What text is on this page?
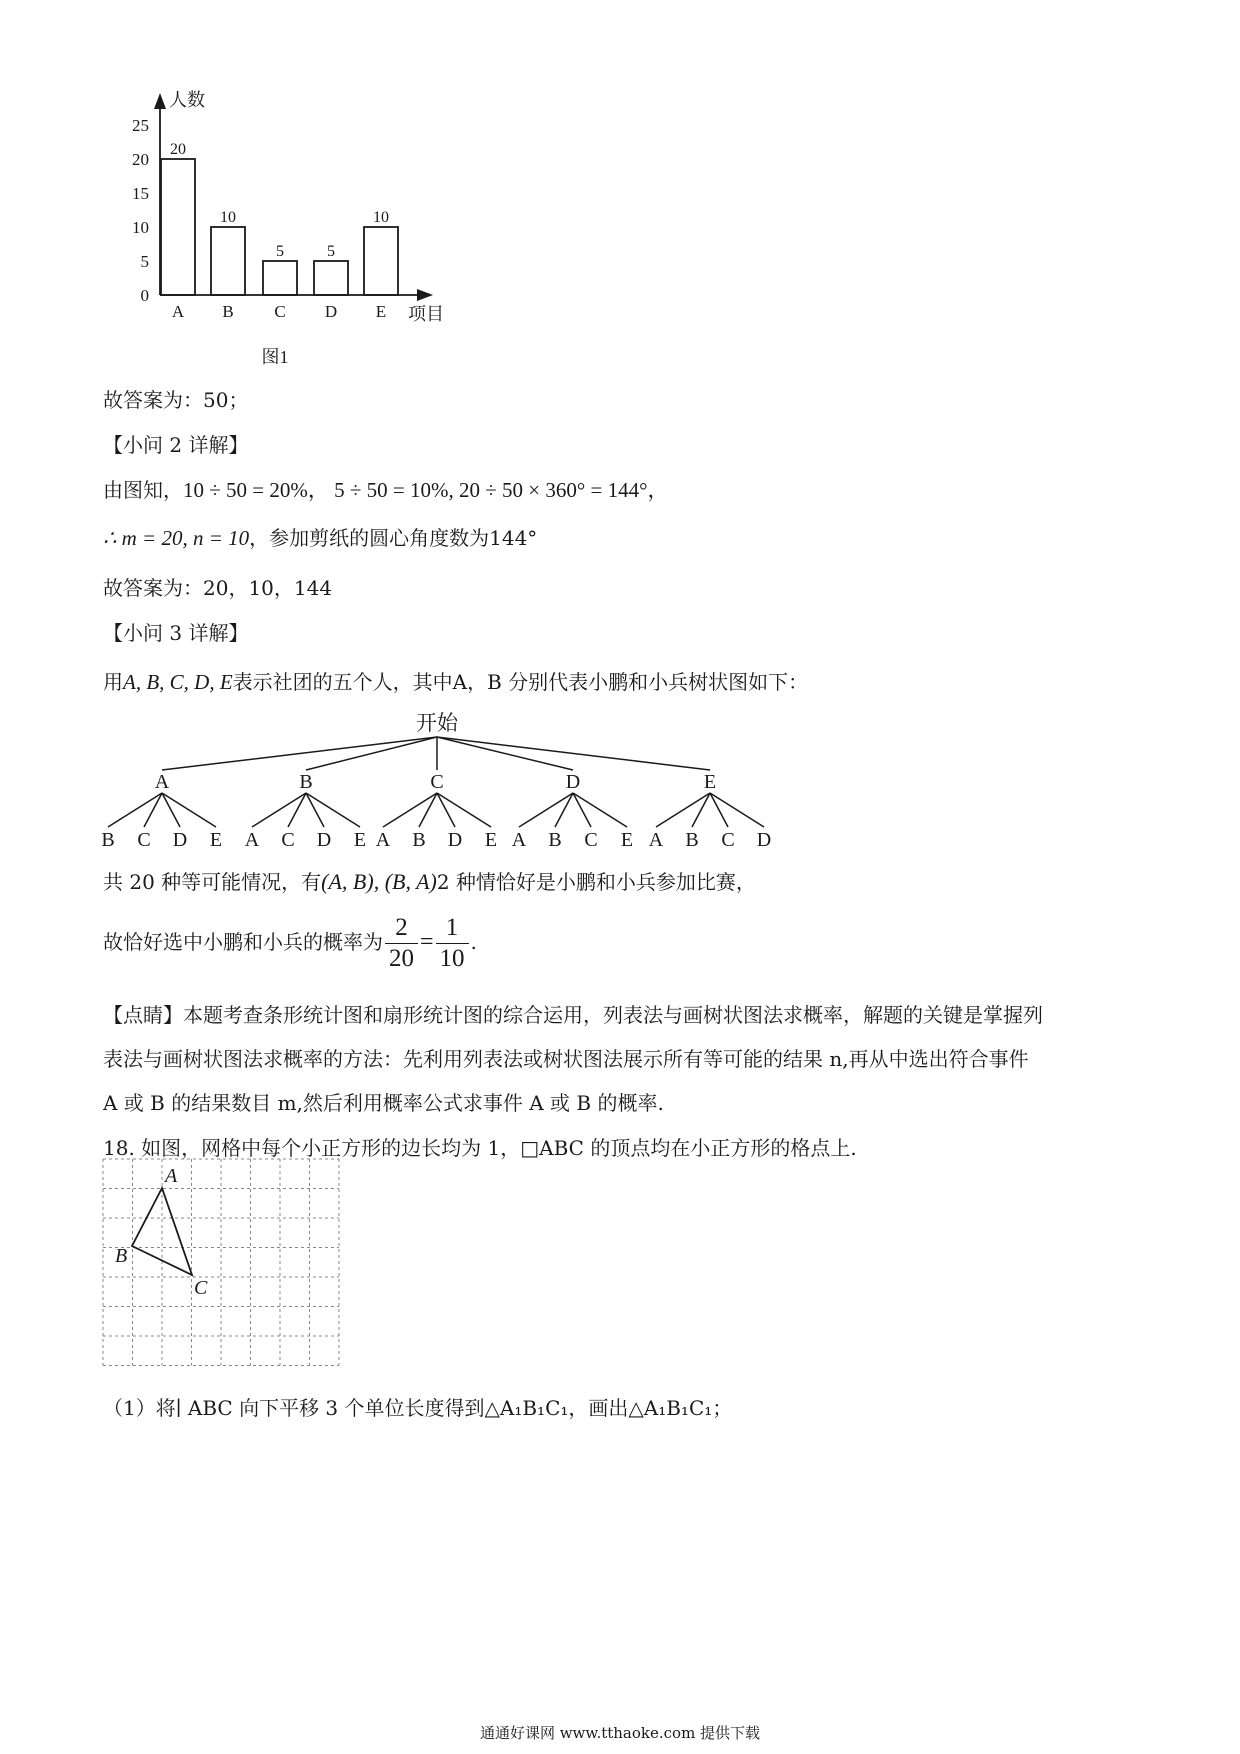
人数
项目
0
5
10
15
20
25
20
A
10
B
5
C
5
D
10
E
图1
故答案为：50；
【小问 2 详解】
由图知，10 ÷ 50 = 20%， 5 ÷ 50 = 10%, 20 ÷ 50 × 360° = 144°，
∴ m = 20, n = 10，参加剪纸的圆心角度数为144°
故答案为：20，10，144
【小问 3 详解】
用A, B, C, D, E表示社团的五个人，其中A，B 分别代表小鹏和小兵树状图如下：
开始
A
B C D E
B
A C D E
C
A B D E
D
A B C E
E
A B C D
共 20 种等可能情况，有(A, B), (B, A)2 种情恰好是小鹏和小兵参加比赛，
故恰好选中小鹏和小兵的概率为 $\frac{2}{20} = \frac{1}{10}$ .
【点睛】本题考查条形统计图和扇形统计图的综合运用，列表法与画树状图法求概率，解题的关键是掌握列
表法与画树状图法求概率的方法：先利用列表法或树状图法展示所有等可能的结果 n,再从中选出符合事件
A 或 B 的结果数目 m,然后利用概率公式求事件 A 或 B 的概率.
18. 如图，网格中每个小正方形的边长均为 1，□ABC 的顶点均在小正方形的格点上.
A
B
C
（1）将∣ ABC 向下平移 3 个单位长度得到△A₁B₁C₁，画出△A₁B₁C₁；
通通好课网 www.tthaoke.com 提供下载
